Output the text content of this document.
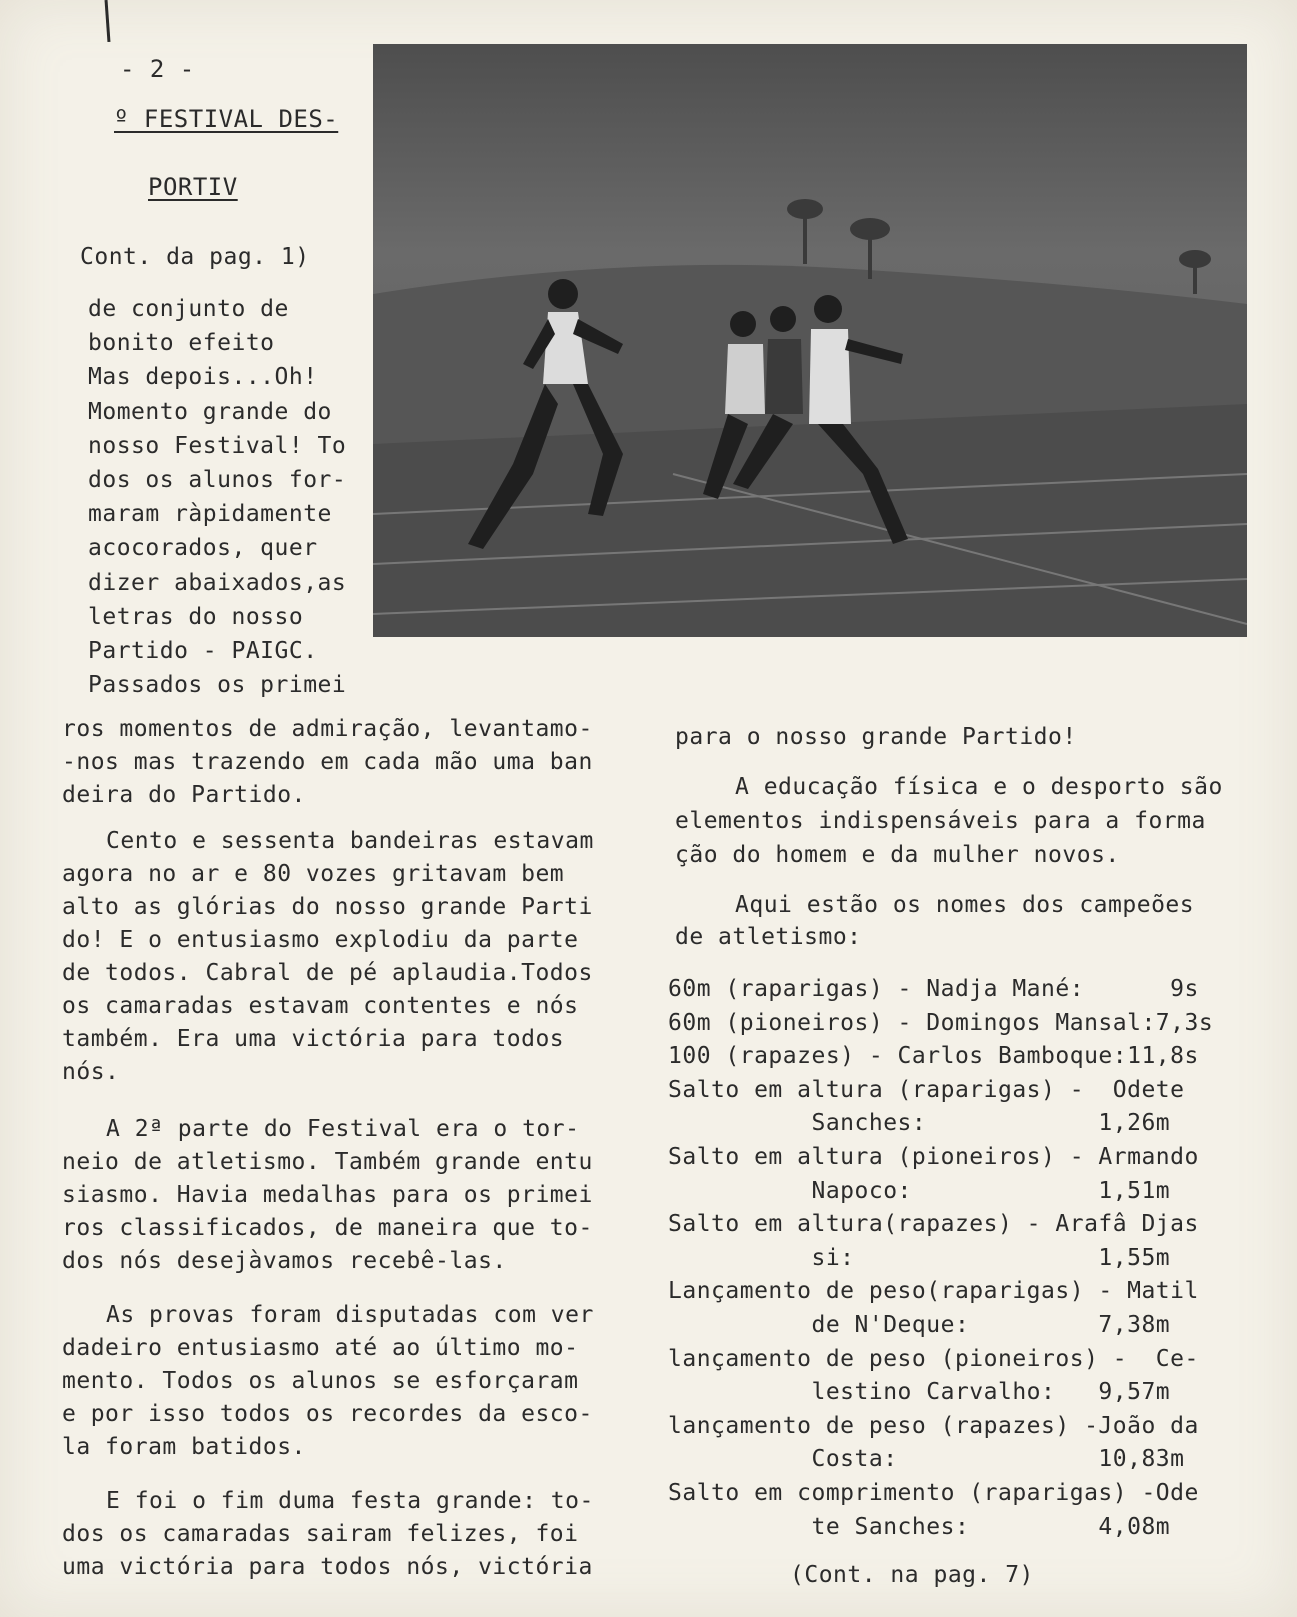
- 2 -
º FESTIVAL DES-
PORTIV
Cont. da pag. 1)
de conjunto de
bonito efeito
Mas depois...Oh!
Momento grande do
nosso Festival! To
dos os alunos for-
maram ràpidamente
acocorados, quer
dizer abaixados,as
letras do nosso
Partido - PAIGC.
Passados os primei
ros momentos de admiração, levantamo-
-nos mas trazendo em cada mão uma ban
deira do Partido.
Cento e sessenta bandeiras estavam
agora no ar e 80 vozes gritavam bem
alto as glórias do nosso grande Parti
do! E o entusiasmo explodiu da parte
de todos. Cabral de pé aplaudia.Todos
os camaradas estavam contentes e nós
também. Era uma victória para todos
nós.
A 2ª parte do Festival era o tor-
neio de atletismo. Também grande entu
siasmo. Havia medalhas para os primei
ros classificados, de maneira que to-
dos nós desejàvamos recebê-las.
As provas foram disputadas com ver
dadeiro entusiasmo até ao último mo-
mento. Todos os alunos se esforçaram
e por isso todos os recordes da esco-
la foram batidos.
E foi o fim duma festa grande: to-
dos os camaradas sairam felizes, foi
uma victória para todos nós, victória
para o nosso grande Partido!
A educação física e o desporto são
elementos indispensáveis para a forma
ção do homem e da mulher novos.
Aqui estão os nomes dos campeões
de atletismo:
60m (raparigas) - Nadja Mané:      9s
60m (pioneiros) - Domingos Mansal:7,3s
100 (rapazes) - Carlos Bamboque:11,8s
Salto em altura (raparigas) -  Odete
Sanches:            1,26m
Salto em altura (pioneiros) - Armando
Napoco:             1,51m
Salto em altura(rapazes) - Arafâ Djas
si:                 1,55m
Lançamento de peso(raparigas) - Matil
de N'Deque:         7,38m
lançamento de peso (pioneiros) -  Ce-
lestino Carvalho:   9,57m
lançamento de peso (rapazes) -João da
Costa:              10,83m
Salto em comprimento (raparigas) -Ode
te Sanches:         4,08m
(Cont. na pag. 7)
